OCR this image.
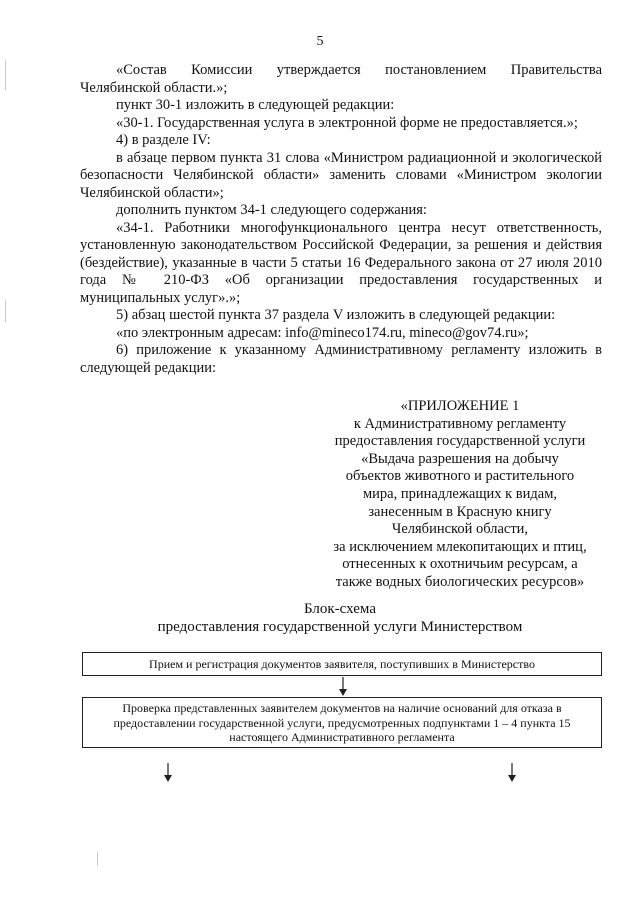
5

«Состав Комиссии утверждается постановлением Правительства Челябинской области.»;

пункт 30-1 изложить в следующей редакции:

«30-1. Государственная услуга в электронной форме не предоставляется.»;

4) в разделе IV:

в абзаце первом пункта 31 слова «Министром радиационной и экологической безопасности Челябинской области» заменить словами «Министром экологии Челябинской области»;

дополнить пунктом 34-1 следующего содержания:

«34-1. Работники многофункционального центра несут ответственность, установленную законодательством Российской Федерации, за решения и действия (бездействие), указанные в части 5 статьи 16 Федерального закона от 27 июля 2010 года № 210-ФЗ «Об организации предоставления государственных и муниципальных услуг».»;

5) абзац шестой пункта 37 раздела V изложить в следующей редакции:

«по электронным адресам: info@mineco174.ru, mineco@gov74.ru»;

6) приложение к указанному Административному регламенту изложить в следующей редакции:

«ПРИЛОЖЕНИЕ 1
к Административному регламенту
предоставления государственной услуги
«Выдача разрешения на добычу
объектов животного и растительного
мира, принадлежащих к видам,
занесенным в Красную книгу
Челябинской области,
за исключением млекопитающих и птиц,
отнесенных к охотничьим ресурсам, а
также водных биологических ресурсов»
Блок-схема
предоставления государственной услуги Министерством
Прием и регистрация документов заявителя, поступивших в Министерство
Проверка представленных заявителем документов на наличие оснований для отказа в предоставлении государственной услуги, предусмотренных подпунктами 1 – 4 пункта 15 настоящего Административного регламента
